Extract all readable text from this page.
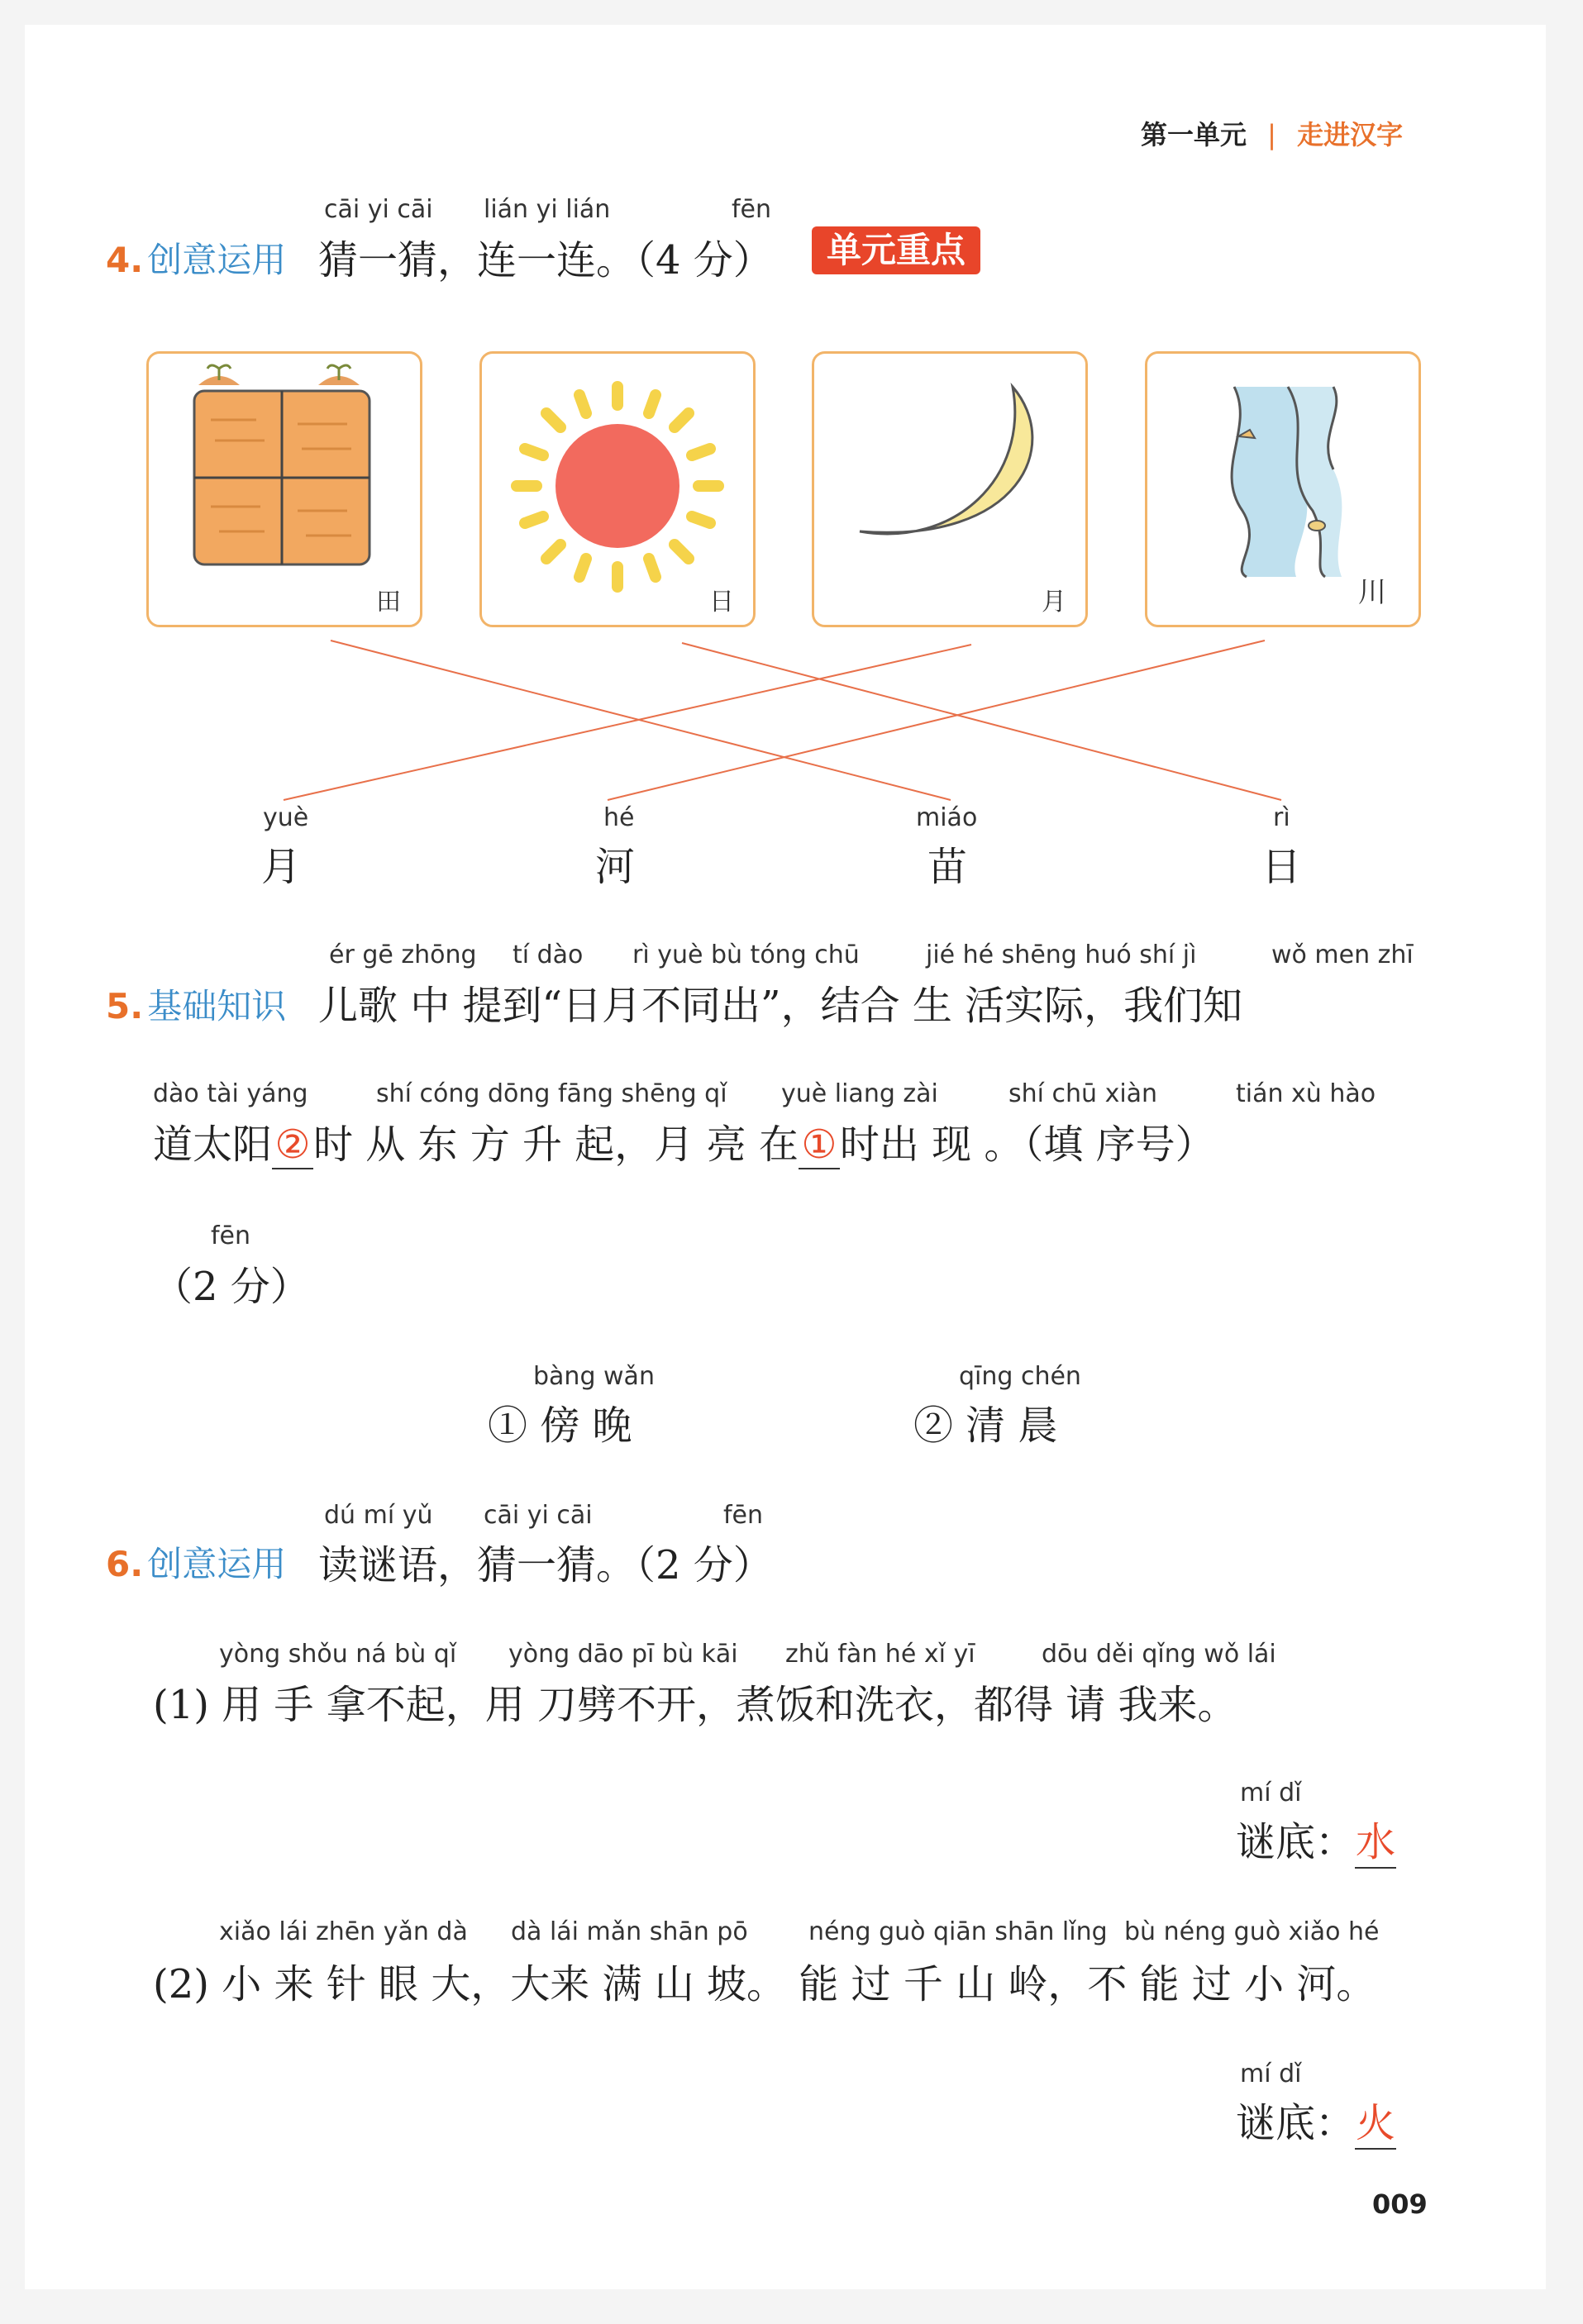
第一单元 | 走进汉字
cāi yi cāi lián yi lián	fēn
4. 创意运用 猜一猜，连一连。（4 分）	单元重点
田	日	月	川
yuè
月
hé
河
miáo
苗
rì
日
ér gē zhōng tí dào rì yuè bù tóng chū	jié hé shēng huó shí jì	wǒ men zhī
5. 基础知识 儿歌 中 提到“日月不同出”，结合 生 活实际，我们知
dào tài yáng	shí cóng dōng fāng shēng qǐ yuè liang zài	shí chū xiàn	tián xù hào
道太阳②时 从 东 方 升 起，月 亮 在①时出 现 。（填 序号）
fēn
（2 分）
bàng wǎn
① 傍 晚
qīng chén
② 清 晨
dú mí yǔ cāi yi cāi	fēn
6. 创意运用 读谜语，猜一猜。（2 分）
yòng shǒu ná bù qǐ yòng dāo pī bù kāi zhǔ fàn hé xǐ yī	dōu děi qǐng wǒ lái
(1) 用 手 拿不起，用 刀劈不开，煮饭和洗衣，都得 请 我来。
mí dǐ
谜底：水
xiǎo lái zhēn yǎn dà dà lái mǎn shān pō néng guò qiān shān lǐng bù néng guò xiǎo hé
(2) 小 来 针 眼 大，大来 满 山 坡。 能 过 千 山 岭，不 能 过 小 河。
mí dǐ
谜底：火
009
